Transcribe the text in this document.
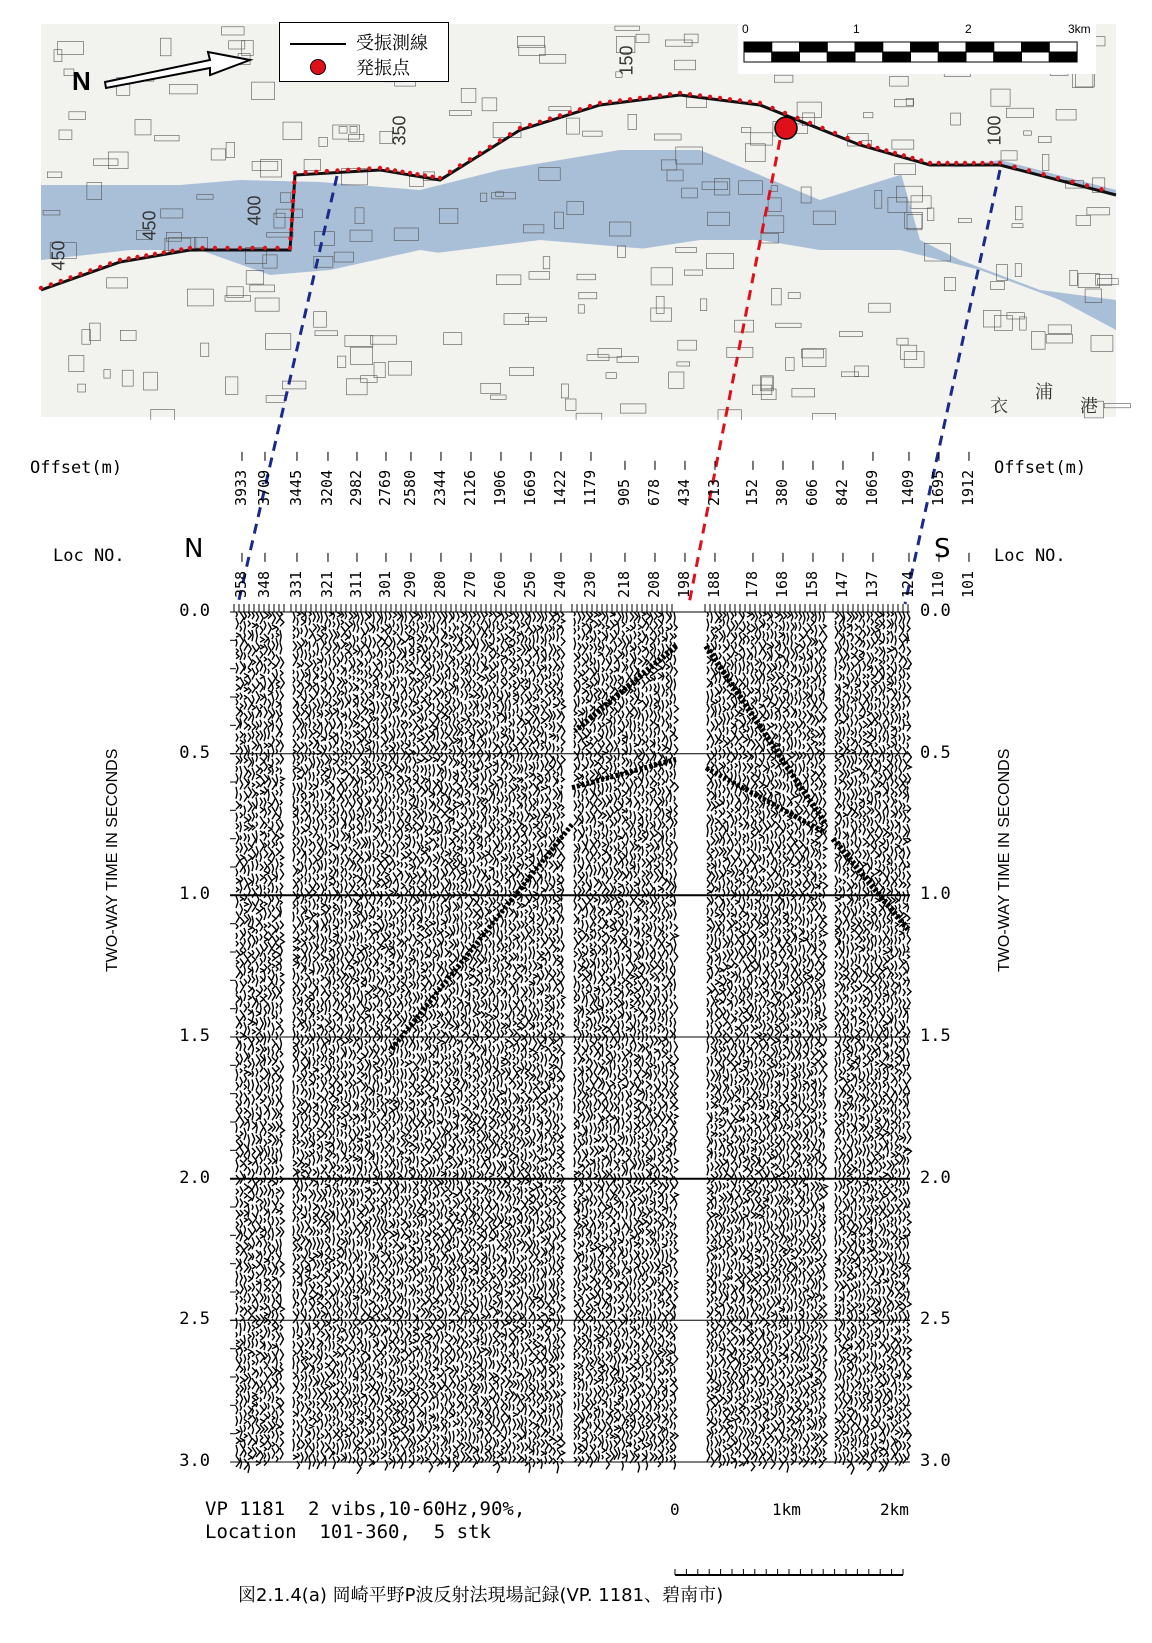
N
0	1	2	3km
450
450	400
350
150
100
衣
浦
港
受振測線
発振点
Offset(m)	Offset(m)
Loc NO.	Loc NO.
N	S
3933 —
358 —
3709 —
348 —
3445 —
331 —
3204 —
321 —
2982 —
311 —
2769 —
301 —
2580 —
290 —
2344 —
280 —
2126 —
270 —
1906 —
260 —
1669 —
250 —
1422 —
240 —
1179 —
230 —
905 —
218 —
678 —
208 —
434 —
198 —
213 —
188 —
152 —
178 —
380 —
168 —
606 —
158 —
842 —
147 —
1069 —
137 —
1409 —
124 —
1695 —
110 —
1912 —
101 —
0.0	0.0
0.5	0.5
1.0	1.0
1.5	1.5
2.0	2.0
2.5	2.5
3.0	3.0
TWO-WAY TIME IN SECONDS	TWO-WAY TIME IN SECONDS
VP 1181  2 vibs,10-60Hz,90%,
Location  101-360,  5 stk
0	1km	2km
図2.1.4(a) 岡崎平野P波反射法現場記録(VP. 1181、碧南市)
